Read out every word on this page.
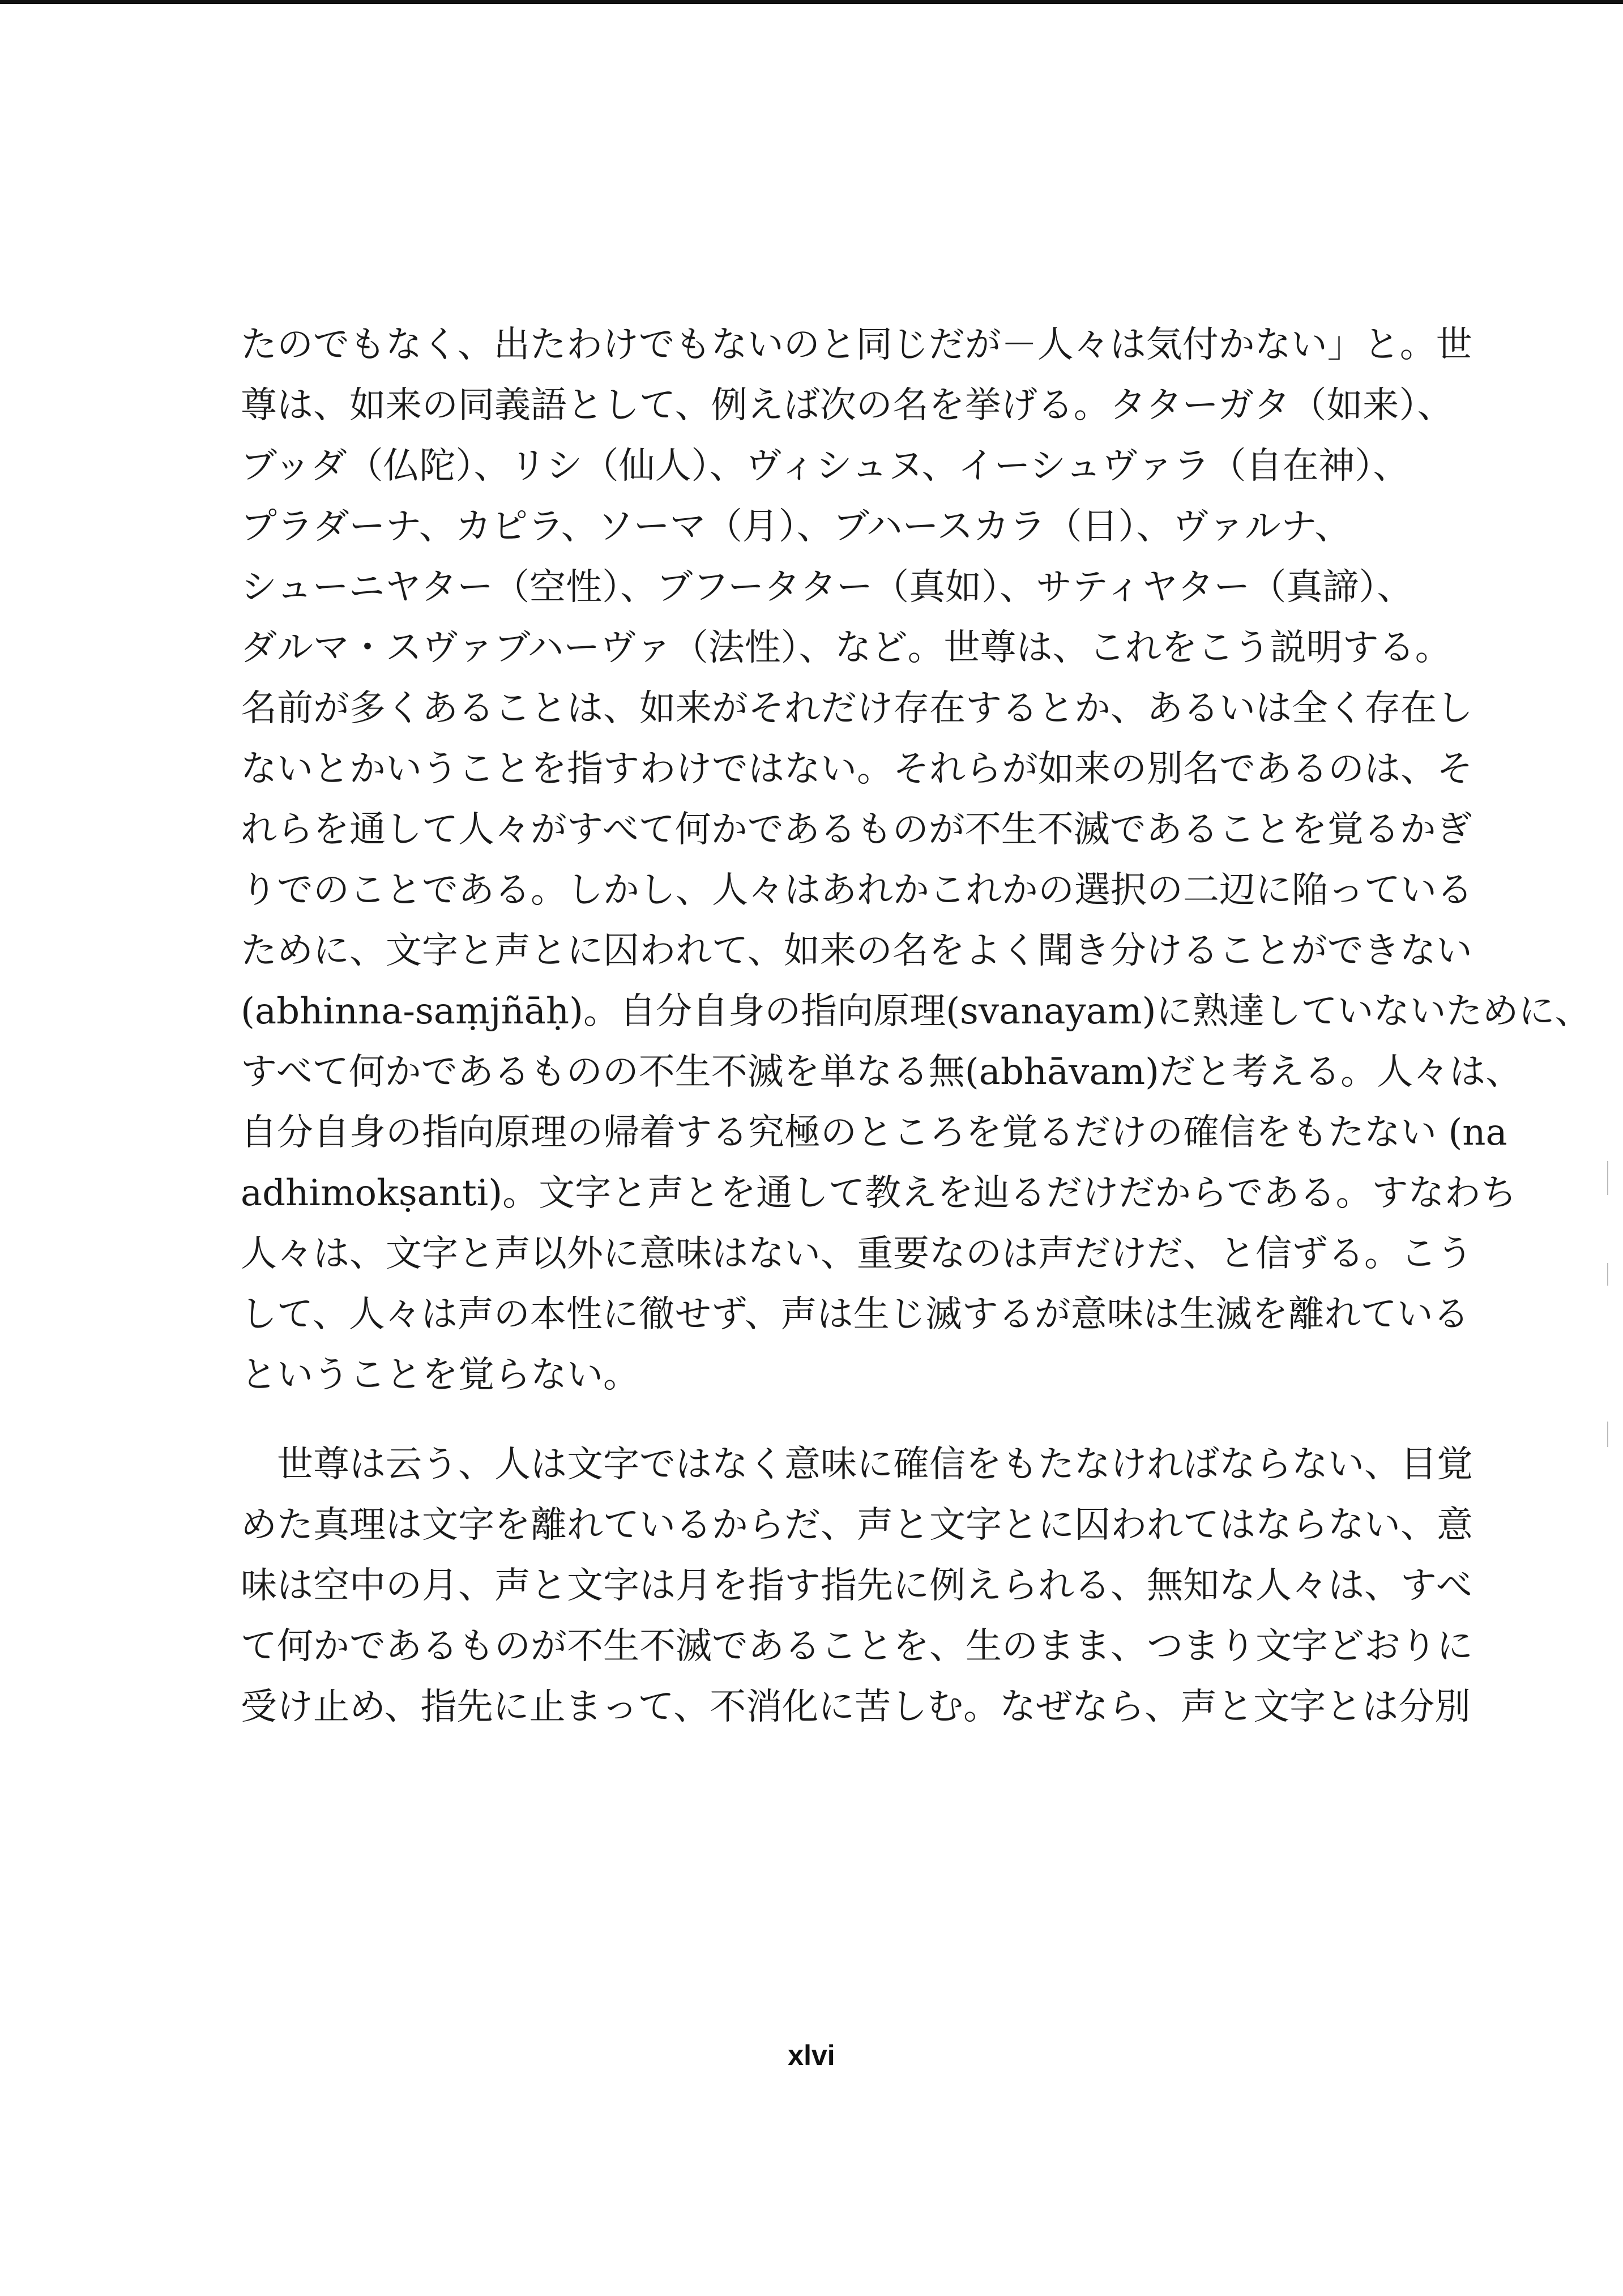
たのでもなく、出たわけでもないのと同じだが－人々は気付かない」と。世
尊は、如来の同義語として、例えば次の名を挙げる。タターガタ（如来）、
ブッダ（仏陀）、リシ（仙人）、ヴィシュヌ、イーシュヴァラ（自在神）、
プラダーナ、カピラ、ソーマ（月）、ブハースカラ（日）、ヴァルナ、
シューニヤター（空性）、ブフータター（真如）、サティヤター（真諦）、
ダルマ・スヴァブハーヴァ（法性）、など。世尊は、これをこう説明する。
名前が多くあることは、如来がそれだけ存在するとか、あるいは全く存在し
ないとかいうことを指すわけではない。それらが如来の別名であるのは、そ
れらを通して人々がすべて何かであるものが不生不滅であることを覚るかぎ
りでのことである。しかし、人々はあれかこれかの選択の二辺に陥っている
ために、文字と声とに囚われて、如来の名をよく聞き分けることができない
(abhinna-saṃjñāḥ)。自分自身の指向原理(svanayam)に熟達していないために、
すべて何かであるものの不生不滅を単なる無(abhāvam)だと考える。人々は、
自分自身の指向原理の帰着する究極のところを覚るだけの確信をもたない (na
adhimokṣanti)。文字と声とを通して教えを辿るだけだからである。すなわち
人々は、文字と声以外に意味はない、重要なのは声だけだ、と信ずる。こう
して、人々は声の本性に徹せず、声は生じ滅するが意味は生滅を離れている
ということを覚らない。
世尊は云う、人は文字ではなく意味に確信をもたなければならない、目覚
めた真理は文字を離れているからだ、声と文字とに囚われてはならない、意
味は空中の月、声と文字は月を指す指先に例えられる、無知な人々は、すべ
て何かであるものが不生不滅であることを、生のまま、つまり文字どおりに
受け止め、指先に止まって、不消化に苦しむ。なぜなら、声と文字とは分別
xlvi
